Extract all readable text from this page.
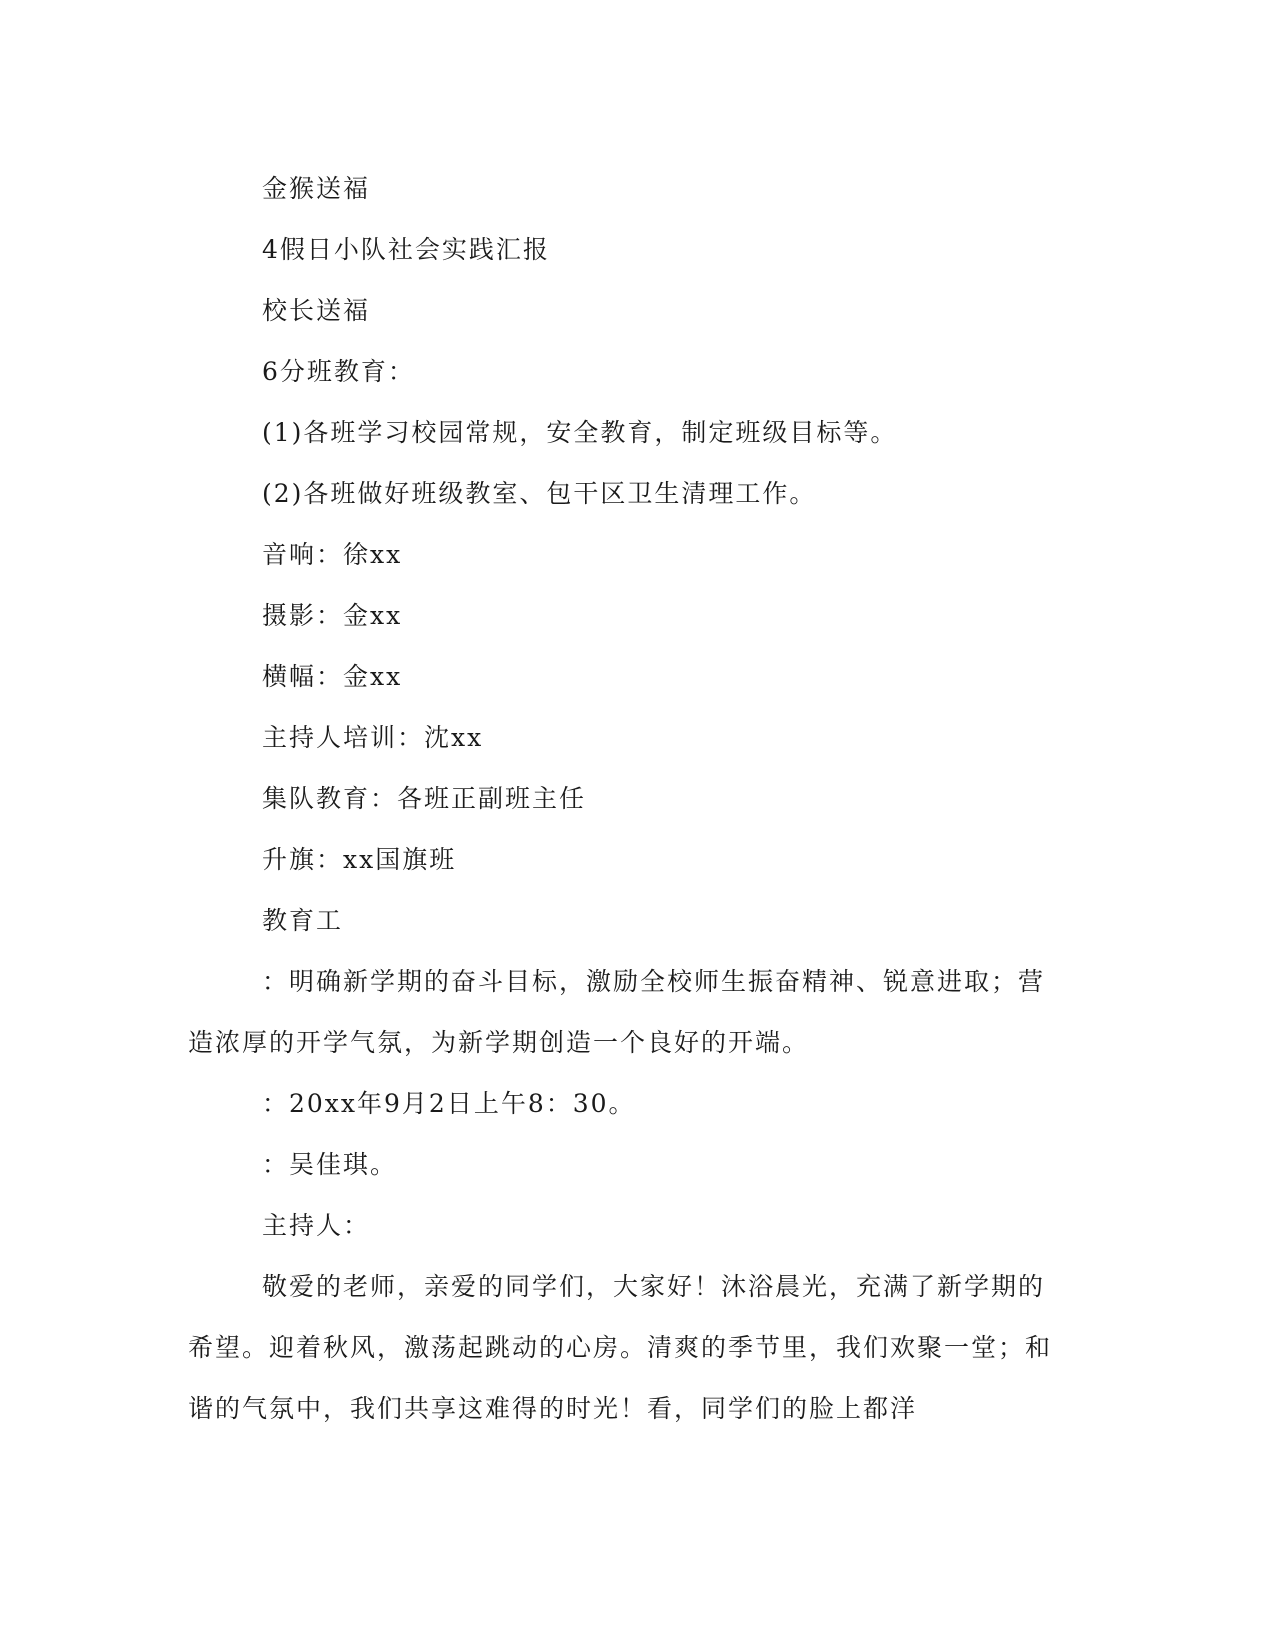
金猴送福
4假日小队社会实践汇报
校长送福
6分班教育：
(1)各班学习校园常规，安全教育，制定班级目标等。
(2)各班做好班级教室、包干区卫生清理工作。
音响：徐xx
摄影：金xx
横幅：金xx
主持人培训：沈xx
集队教育：各班正副班主任
升旗：xx国旗班
教育工
：明确新学期的奋斗目标，激励全校师生振奋精神、锐意进取；营造浓厚的开学气氛，为新学期创造一个良好的开端。
：20xx年9月2日上午8：30。
：吴佳琪。
主持人：
敬爱的老师，亲爱的同学们，大家好！沐浴晨光，充满了新学期的希望。迎着秋风，激荡起跳动的心房。清爽的季节里，我们欢聚一堂；和谐的气氛中，我们共享这难得的时光！看，同学们的脸上都洋
